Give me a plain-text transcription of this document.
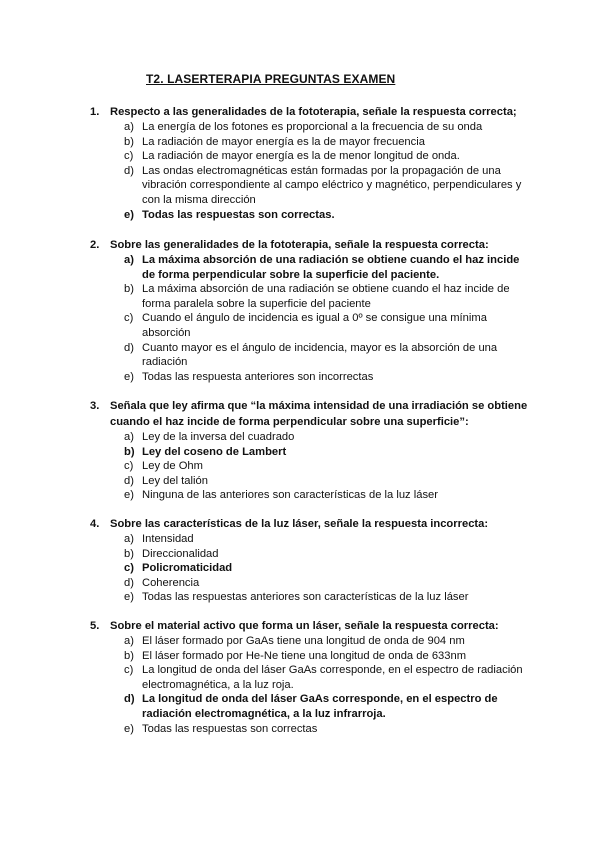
T2. LASERTERAPIA PREGUNTAS EXAMEN
1. Respecto a las generalidades de la fototerapia, señale la respuesta correcta;
a) La energía de los fotones es proporcional a la frecuencia de su onda
b) La radiación de mayor energía es la de mayor frecuencia
c) La radiación de mayor energía es la de menor longitud de onda.
d) Las ondas electromagnéticas están formadas por la propagación de una vibración correspondiente al campo eléctrico y magnético, perpendiculares y con la misma dirección
e) Todas las respuestas son correctas.
2. Sobre las generalidades de la fototerapia, señale la respuesta correcta:
a) La máxima absorción de una radiación se obtiene cuando el haz incide de forma perpendicular sobre la superficie del paciente.
b) La máxima absorción de una radiación se obtiene cuando el haz incide de forma paralela sobre la superficie del paciente
c) Cuando el ángulo de incidencia es igual a 0º se consigue una mínima absorción
d) Cuanto mayor es el ángulo de incidencia, mayor es la absorción de una radiación
e) Todas las respuesta anteriores son incorrectas
3. Señala que ley afirma que “la máxima intensidad de una irradiación se obtiene cuando el haz incide de forma perpendicular sobre una superficie”:
a) Ley de la inversa del cuadrado
b) Ley del coseno de Lambert
c) Ley de Ohm
d) Ley del talión
e) Ninguna de las anteriores son características de la luz láser
4. Sobre las características de la luz láser, señale la respuesta incorrecta:
a) Intensidad
b) Direccionalidad
c) Policromaticidad
d) Coherencia
e) Todas las respuestas anteriores son características de la luz láser
5. Sobre el material activo que forma un láser, señale la respuesta correcta:
a) El láser formado por GaAs tiene una longitud de onda de 904 nm
b) El láser formado por He-Ne tiene una longitud de onda de 633nm
c) La longitud de onda del láser GaAs corresponde, en el espectro de radiación electromagnética, a la luz roja.
d) La longitud de onda del láser GaAs corresponde, en el espectro de radiación electromagnética, a la luz infrarroja.
e) Todas las respuestas son correctas
